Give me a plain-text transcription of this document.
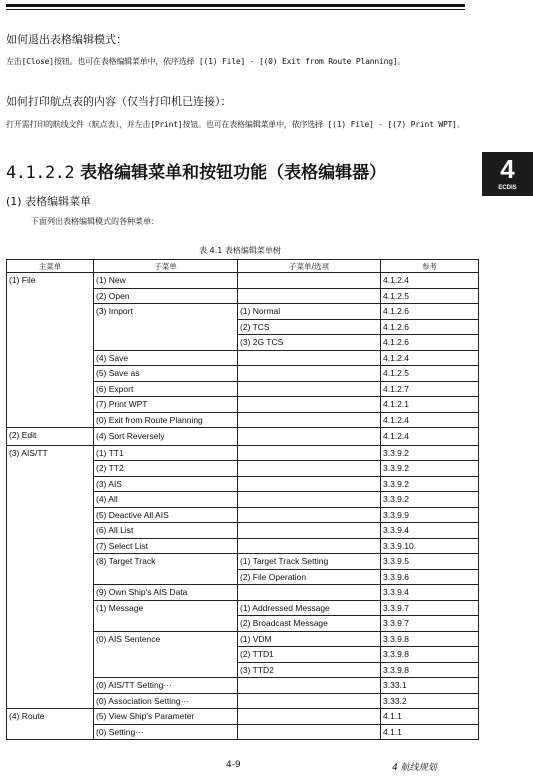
如何退出表格编辑模式：
左击[Close]按钮。也可在表格编辑菜单中，依序选择 [(1) File] - [(0) Exit from Route Planning]。
如何打印航点表的内容（仅当打印机已连接）：
打开需打印的航线文件（航点表），并左击[Print]按钮。也可在表格编辑菜单中，依序选择 [(1) File] - [(7) Print WPT]。
4.1.2.2 表格编辑菜单和按钮功能（表格编辑器）	4
ECDIS
(1) 表格编辑菜单
下面列出表格编辑模式的各种菜单：
表 4.1 表格编辑菜单树
主菜单	子菜单	子菜单/选项	参考
(1) File	(1) New		4.1.2.4
	(2) Open		4.1.2.5
	(3) Import	(1) Normal	4.1.2.6
		(2) TCS	4.1.2.6
		(3) 2G TCS	4.1.2.6
	(4) Save		4.1.2.4
	(5) Save as		4.1.2.5
	(6) Export		4.1.2.7
	(7) Print WPT		4.1.2.1
	(0) Exit from Route Planning		4.1.2.4
(2) Edit	(4) Sort Reversely		4.1.2.4
(3) AIS/TT	(1) TT1		3.3.9.2
	(2) TT2		3.3.9.2
	(3) AIS		3.3.9.2
	(4) All		3.3.9.2
	(5) Deactive All AIS		3.3.9.9
	(6) All List		3.3.9.4
	(7) Select List		3.3.9.10
	(8) Target Track	(1) Target Track Setting	3.3.9.5
		(2) File Operation	3.3.9.6
	(9) Own Ship's AIS Data		3.3.9.4
	(1) Message	(1) Addressed Message	3.3.9.7
		(2) Broadcast Message	3.3.9.7
	(0) AIS Sentence	(1) VDM	3.3.9.8
		(2) TTD1	3.3.9.8
		(3) TTD2	3.3.9.8
	(0) AIS/TT Setting···		3.33.1
	(0) Association Setting···		3.33.2
(4) Route	(5) View Ship's Parameter		4.1.1
	(0) Setting···		4.1.1
4-9	4 航线规划
